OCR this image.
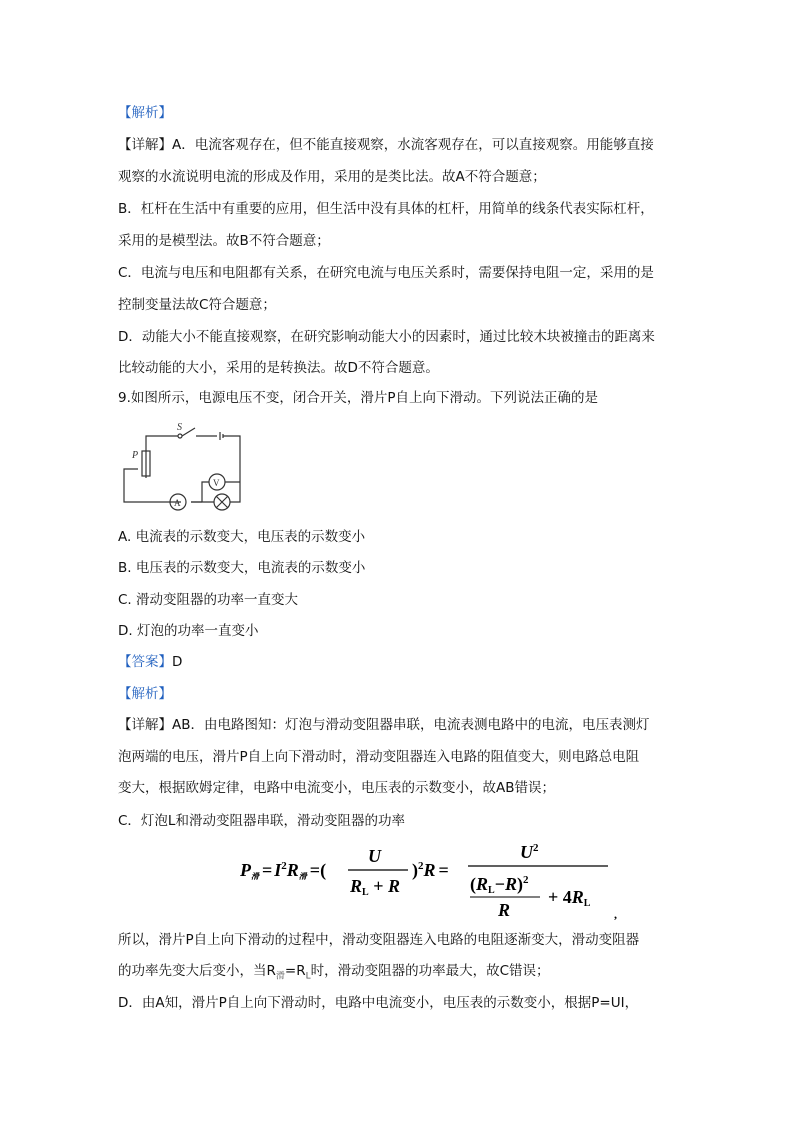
【解析】
【详解】A．电流客观存在，但不能直接观察，水流客观存在，可以直接观察。用能够直接
观察的水流说明电流的形成及作用，采用的是类比法。故A不符合题意；
B．杠杆在生活中有重要的应用，但生活中没有具体的杠杆，用简单的线条代表实际杠杆，
采用的是模型法。故B不符合题意；
C．电流与电压和电阻都有关系，在研究电流与电压关系时，需要保持电阻一定，采用的是
控制变量法故C符合题意；
D．动能大小不能直接观察，在研究影响动能大小的因素时，通过比较木块被撞击的距离来
比较动能的大小，采用的是转换法。故D不符合题意。
9.如图所示，电源电压不变，闭合开关，滑片P自上向下滑动。下列说法正确的是
S
P
V
A
A. 电流表的示数变大，电压表的示数变小
B. 电压表的示数变大，电流表的示数变小
C. 滑动变阻器的功率一直变大
D. 灯泡的功率一直变小
【答案】D
【解析】
【详解】AB．由电路图知：灯泡与滑动变阻器串联，电流表测电路中的电流，电压表测灯
泡两端的电压，滑片P自上向下滑动时，滑动变阻器连入电路的阻值变大，则电路总电阻
变大，根据欧姆定律，电路中电流变小，电压表的示数变小，故AB错误；
C．灯泡L和滑动变阻器串联，滑动变阻器的功率
P滑 = $I^2R$滑 =(
U
RL + R
)$^2$R =
$U^2$
$(RL-R)^2$
R
+ 4RL
,
所以，滑片P自上向下滑动的过程中，滑动变阻器连入电路的电阻逐渐变大，滑动变阻器
的功率先变大后变小，当$R_滑=R_L$时，滑动变阻器的功率最大，故C错误；
D．由A知，滑片P自上向下滑动时，电路中电流变小，电压表的示数变小，根据P=UI，
